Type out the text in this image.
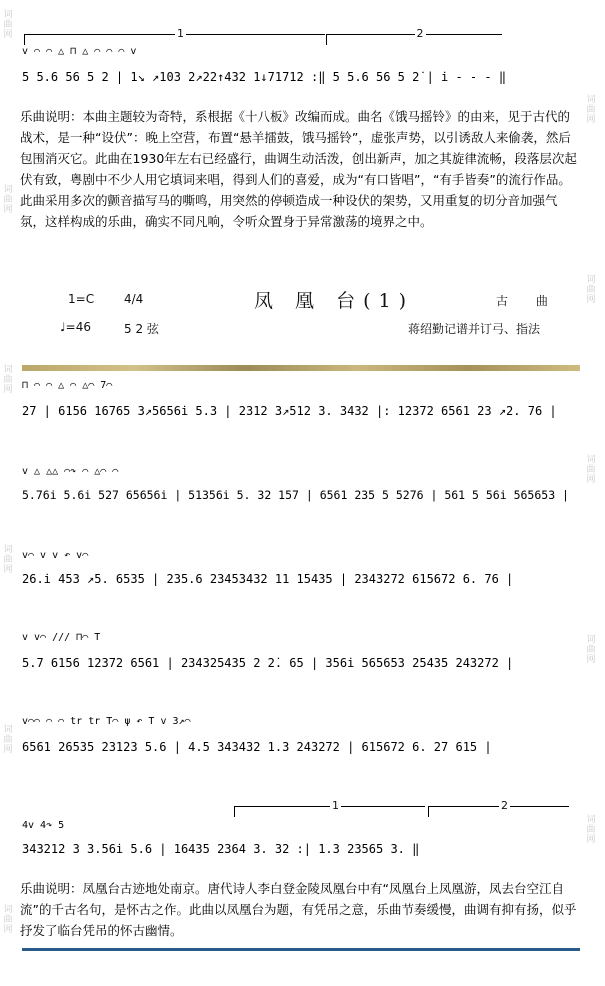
词曲网
词曲网
词曲网
词曲网
词曲网
词曲网
词曲网
词曲网
词曲网
词曲网
词曲网
1	2
v ⌒ ⌒ △ ⊓ △ ⌒ ⌒ ⌒ v
5 5.6 56 5 2 | 1↘ ↗103 2↗22↑432 1↓71712 :‖ 5 5.6 56 5 2̇ | i̇ - - - ‖
乐曲说明：本曲主题较为奇特，系根据《十八板》改编而成。曲名《饿马摇铃》的由来，见于古代的战术，是一种“设伏”：晚上空营，布置“悬羊擂鼓，饿马摇铃”，虚张声势，以引诱敌人来偷袭，然后包围消灭它。此曲在1930年左右已经盛行，曲调生动活泼，创出新声，加之其旋律流畅，段落层次起伏有致，粤剧中不少人用它填词来唱，得到人们的喜爱，成为“有口皆唱”，“有手皆奏”的流行作品。此曲采用多次的颤音描写马的嘶鸣，用突然的停顿造成一种设伏的架势，又用重复的切分音加强气氛，这样构成的乐曲，确实不同凡响，令听众置身于异常激荡的境界之中。
1=C 4/4	凤 凰 台(1)	古 曲
♩=46	5 2 弦	蒋绍勤记谱并订弓、指法
⊓ ⌒ ⌒ △ ⌒ △⌒ 7⌒
27 | 6156 16765 3↗5656i̇ 5.3 | 2312 3↗512 3. 3432 |: 12372 6561 23 ↗2. 76 |
v △ △△ ⌒↷ ⌒ △⌒ ⌒
5.76i̇ 5.6i̇ 527 65656i̇ | 51356i̇ 5. 32 157 | 6561 235 5 5276 | 561 5 56i̇ 565653 |
v⌒ v v ↶ v⌒
26.i̇ 453 ↗5. 6535 | 235.6 23453432 11 15435 | 2343272 615672 6. 76 |
v v⌒ /// ⊓⌒ T
5.7 6156 12372 6561 | 234325435 2 2̇. 65 | 356i̇ 565653 25435 243272 |
v⌒⌒ ⌒ ⌒ tr tr T⌒ ψ ↶ T v 3↗⌒
6561 26535 23123 5.6 | 4.5 343432 1.3 243272 | 615672 6. 27 615 |
1	2
4v 4↷ 5
343212 3 3.56i̇ 5.6 | 16435 2364 3. 32 :| 1.3 23565 3. ‖
乐曲说明：凤凰台古迹地处南京。唐代诗人李白登金陵凤凰台中有“凤凰台上凤凰游，凤去台空江自流”的千古名句，是怀古之作。此曲以凤凰台为题，有凭吊之意，乐曲节奏缓慢，曲调有抑有扬，似乎抒发了临台凭吊的怀古幽情。
